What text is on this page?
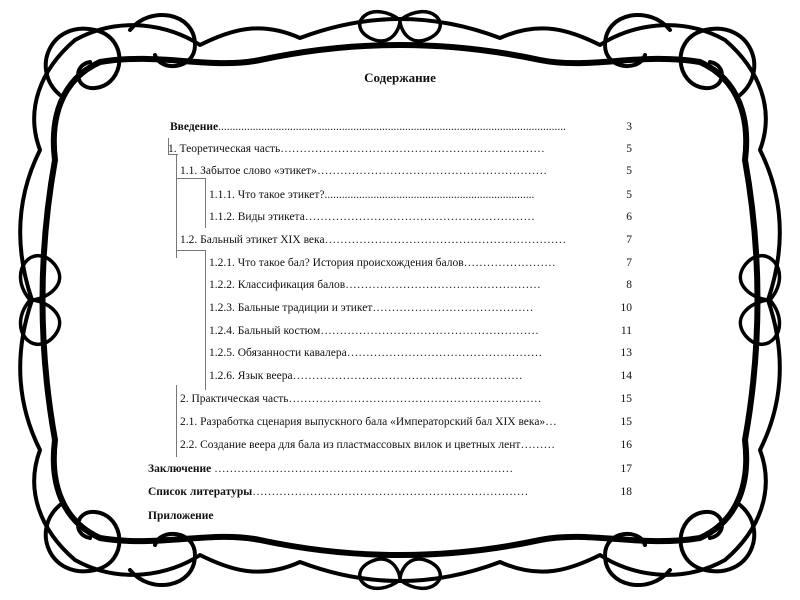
Содержание
Введение.........................................................................................................................	3
1. Теоретическая часть……………………………………………………………	5
1.1. Забытое слово «этикет»……………………………………………………	5
1.1.1. Что такое этикет?.........................................................................	5
1.1.2. Виды этикета……………………………………………………	6
1.2. Бальный этикет XIX века………………………………………………………	7
1.2.1. Что такое бал? История происхождения балов……………………	7
1.2.2. Классификация балов……………………………………………	8
1.2.3. Бальные традиции и этикет……………………………………	10
1.2.4. Бальный костюм…………………………………………………	11
1.2.5. Обязанности кавалера……………………………………………	13
1.2.6. Язык веера……………………………………………………	14
2. Практическая часть…………………………………………………………	15
2.1. Разработка сценария выпускного бала «Императорский бал XIX века»…	15
2.2. Создание веера для бала из пластмассовых вилок и цветных лент………	16
Заключение ……………………………………………………………………	17
Список литературы………………………………………………………………	18
Приложение
